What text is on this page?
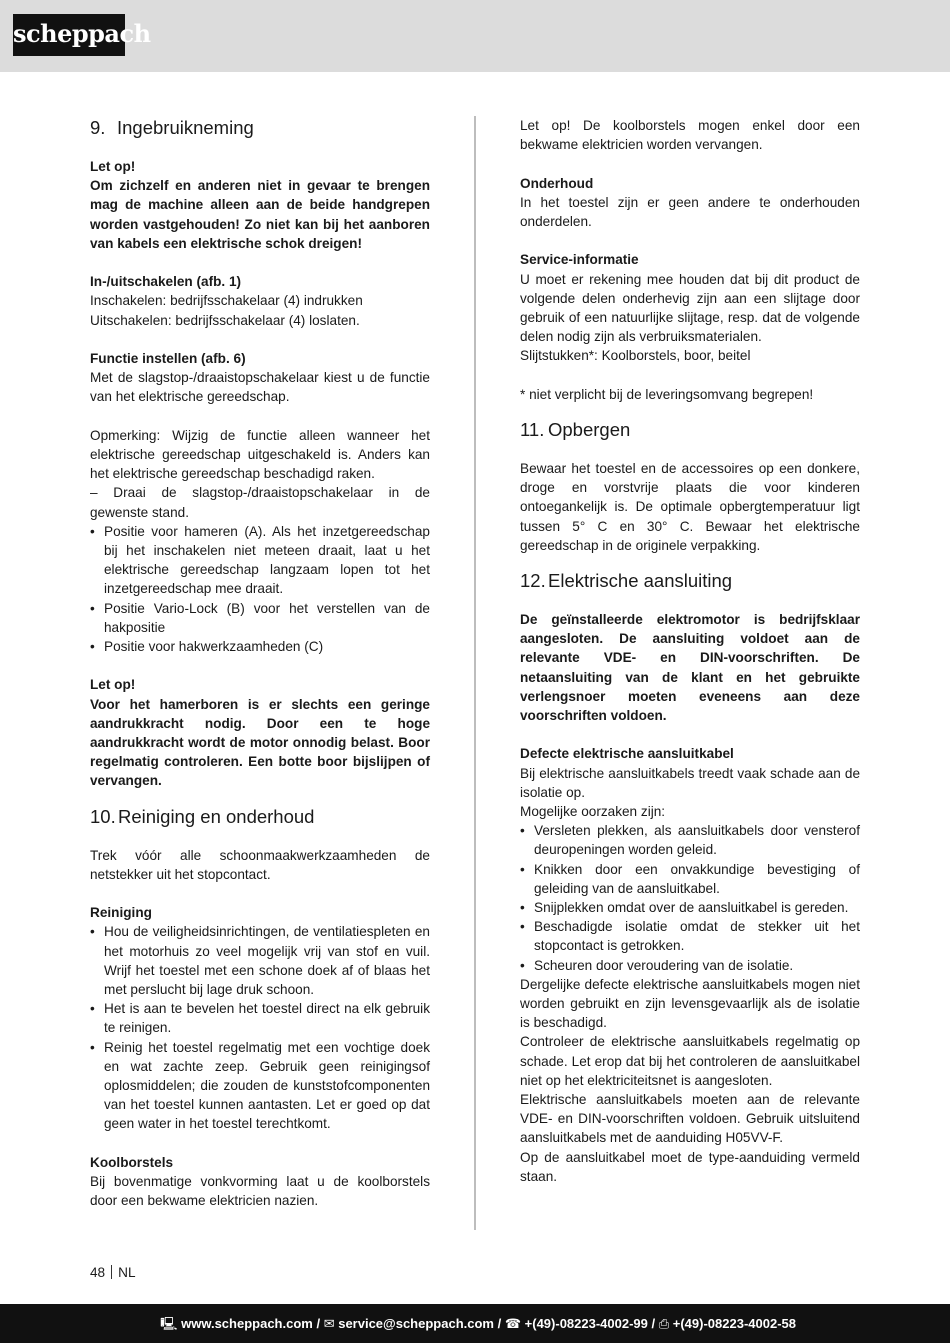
scheppach
9. Ingebruikneming

Let op!

Om zichzelf en anderen niet in gevaar te brengen mag de machine alleen aan de beide handgrepen worden vastgehouden! Zo niet kan bij het aanboren van kabels een elektrische schok dreigen!

In-/uitschakelen (afb. 1)

Inschakelen: bedrijfsschakelaar (4) indrukken

Uitschakelen: bedrijfsschakelaar (4) loslaten.

Functie instellen (afb. 6)

Met de slagstop-/draaistopschakelaar kiest u de functie van het elektrische gereedschap.

Opmerking: Wijzig de functie alleen wanneer het elektrische gereedschap uitgeschakeld is. Anders kan het elektrische gereedschap beschadigd raken.

– Draai de slagstop-/draaistopschakelaar in de gewenste stand.

• Positie voor hameren (A). Als het inzetgereedschap bij het inschakelen niet meteen draait, laat u het elektrische gereedschap langzaam lopen tot het inzetgereedschap mee draait.
• Positie Vario-Lock (B) voor het verstellen van de hakpositie
• Positie voor hakwerkzaamheden (C)

Let op!

Voor het hamerboren is er slechts een geringe aandrukkracht nodig. Door een te hoge aandrukkracht wordt de motor onnodig belast. Boor regelmatig controleren. Een botte boor bijslijpen of vervangen.

10. Reiniging en onderhoud

Trek vóór alle schoonmaakwerkzaamheden de netstekker uit het stopcontact.

Reiniging

• Hou de veiligheidsinrichtingen, de ventilatiespleten en het motorhuis zo veel mogelijk vrij van stof en vuil. Wrijf het toestel met een schone doek af of blaas het met perslucht bij lage druk schoon.
• Het is aan te bevelen het toestel direct na elk gebruik te reinigen.
• Reinig het toestel regelmatig met een vochtige doek en wat zachte zeep. Gebruik geen reinigingsof oplosmiddelen; die zouden de kunststofcomponenten van het toestel kunnen aantasten. Let er goed op dat geen water in het toestel terechtkomt.

Koolborstels

Bij bovenmatige vonkvorming laat u de koolborstels door een bekwame elektricien nazien.

Let op! De koolborstels mogen enkel door een bekwame elektricien worden vervangen.

Onderhoud

In het toestel zijn er geen andere te onderhouden onderdelen.

Service-informatie

U moet er rekening mee houden dat bij dit product de volgende delen onderhevig zijn aan een slijtage door gebruik of een natuurlijke slijtage, resp. dat de volgende delen nodig zijn als verbruiksmaterialen.

Slijtstukken*: Koolborstels, boor, beitel

* niet verplicht bij de leveringsomvang begrepen!

11. Opbergen

Bewaar het toestel en de accessoires op een donkere, droge en vorstvrije plaats die voor kinderen ontoegankelijk is. De optimale opbergtemperatuur ligt tussen 5° C en 30° C. Bewaar het elektrische gereedschap in de originele verpakking.

12. Elektrische aansluiting

De geïnstalleerde elektromotor is bedrijfsklaar aangesloten. De aansluiting voldoet aan de relevante VDE- en DIN-voorschriften. De netaansluiting van de klant en het gebruikte verlengsnoer moeten eveneens aan deze voorschriften voldoen.

Defecte elektrische aansluitkabel

Bij elektrische aansluitkabels treedt vaak schade aan de isolatie op.

Mogelijke oorzaken zijn:

• Versleten plekken, als aansluitkabels door vensterof deuropeningen worden geleid.
• Knikken door een onvakkundige bevestiging of geleiding van de aansluitkabel.
• Snijplekken omdat over de aansluitkabel is gereden.
• Beschadigde isolatie omdat de stekker uit het stopcontact is getrokken.
• Scheuren door veroudering van de isolatie.

Dergelijke defecte elektrische aansluitkabels mogen niet worden gebruikt en zijn levensgevaarlijk als de isolatie is beschadigd.

Controleer de elektrische aansluitkabels regelmatig op schade. Let erop dat bij het controleren de aansluitkabel niet op het elektriciteitsnet is aangesloten.

Elektrische aansluitkabels moeten aan de relevante VDE- en DIN-voorschriften voldoen. Gebruik uitsluitend aansluitkabels met de aanduiding H05VV-F.

Op de aansluitkabel moet de type-aanduiding vermeld staan.

48 NL
🖳 www.scheppach.com / ✉ service@scheppach.com / ☎ +(49)-08223-4002-99 / ⎙ +(49)-08223-4002-58
